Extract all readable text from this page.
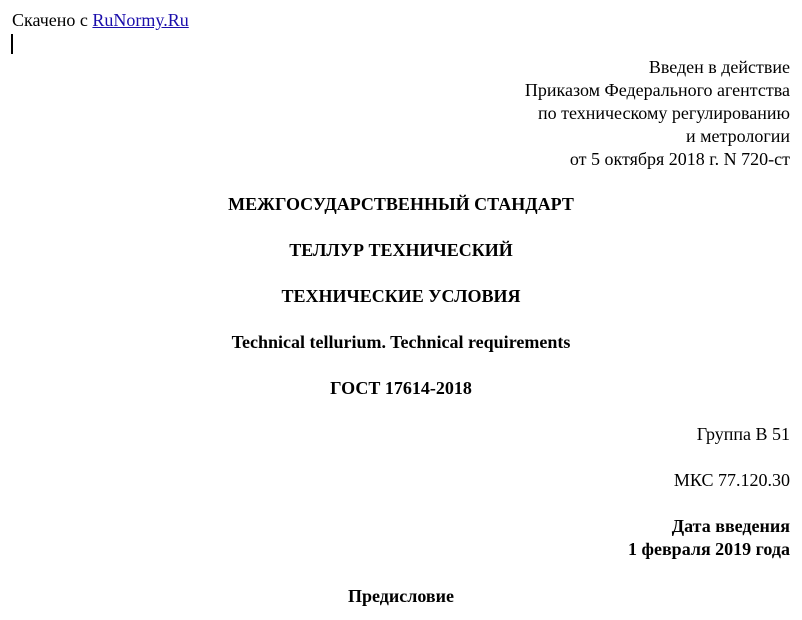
Скачено с RuNormy.Ru
Введен в действие
Приказом Федерального агентства
по техническому регулированию
и метрологии
от 5 октября 2018 г. N 720-ст
МЕЖГОСУДАРСТВЕННЫЙ СТАНДАРТ
ТЕЛЛУР ТЕХНИЧЕСКИЙ
ТЕХНИЧЕСКИЕ УСЛОВИЯ
Technical tellurium. Technical requirements
ГОСТ 17614-2018
Группа В 51
МКС 77.120.30
Дата введения
1 февраля 2019 года
Предисловие
